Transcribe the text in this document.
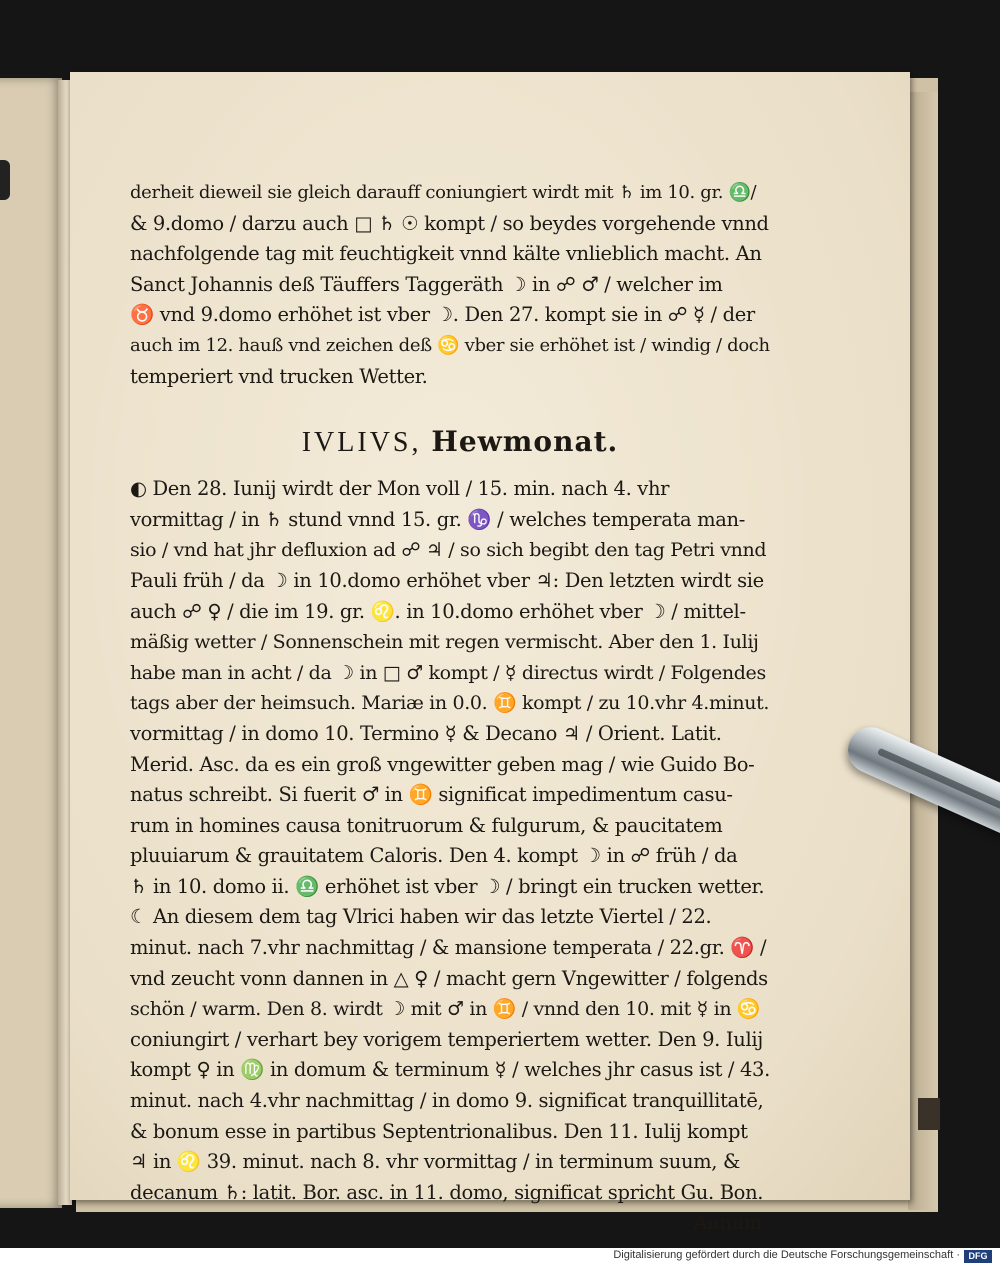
derheit dieweil sie gleich darauff coniungiert wirdt mit ♄ im 10. gr. ♎/
& 9.domo / darzu auch □ ♄ ☉ kompt / so beydes vorgehende vnnd
nachfolgende tag mit feuchtigkeit vnnd kälte vnlieblich macht. An
Sanct Johannis deß Täuffers Taggeräth ☽ in ☍ ♂ / welcher im
♉ vnd 9.domo erhöhet ist vber ☽. Den 27. kompt sie in ☍ ☿ / der
auch im 12. hauß vnd zeichen deß ♋ vber sie erhöhet ist / windig / doch
temperiert vnd trucken Wetter.
IVLIVS, Hewmonat.
◐ Den 28. Iunij wirdt der Mon voll / 15. min. nach 4. vhr
vormittag / in ♄ stund vnnd 15. gr. ♑ / welches temperata man-
sio / vnd hat jhr defluxion ad ☍ ♃ / so sich begibt den tag Petri vnnd
Pauli früh / da ☽ in 10.domo erhöhet vber ♃: Den letzten wirdt sie
auch ☍ ♀ / die im 19. gr. ♌. in 10.domo erhöhet vber ☽ / mittel-
mäßig wetter / Sonnenschein mit regen vermischt. Aber den 1. Iulij
habe man in acht / da ☽ in □ ♂ kompt / ☿ directus wirdt / Folgendes
tags aber der heimsuch. Mariæ in 0.0. ♊ kompt / zu 10.vhr 4.minut.
vormittag / in domo 10. Termino ☿ & Decano ♃ / Orient. Latit.
Merid. Asc. da es ein groß vngewitter geben mag / wie Guido Bo-
natus schreibt. Si fuerit ♂ in ♊ significat impedimentum casu-
rum in homines causa tonitruorum & fulgurum, & paucitatem
pluuiarum & grauitatem Caloris. Den 4. kompt ☽ in ☍ früh / da
♄ in 10. domo ii. ♎ erhöhet ist vber ☽ / bringt ein trucken wetter.
☾ An diesem dem tag Vlrici haben wir das letzte Viertel / 22.
minut. nach 7.vhr nachmittag / & mansione temperata / 22.gr. ♈ /
vnd zeucht vonn dannen in △ ♀ / macht gern Vngewitter / folgends
schön / warm. Den 8. wirdt ☽ mit ♂ in ♊ / vnnd den 10. mit ☿ in ♋
coniungirt / verhart bey vorigem temperiertem wetter. Den 9. Iulij
kompt ♀ in ♍ in domum & terminum ☿ / welches jhr casus ist / 43.
minut. nach 4.vhr nachmittag / in domo 9. significat tranquillitatē,
& bonum esse in partibus Septentrionalibus. Den 11. Iulij kompt
♃ in ♌ 39. minut. nach 8. vhr vormittag / in terminum suum, &
decanum ♄: latit. Bor. asc. in 11. domo, significat spricht Gu. Bon.
Annum
Digitalisierung gefördert durch die Deutsche Forschungsgemeinschaft · DFG
